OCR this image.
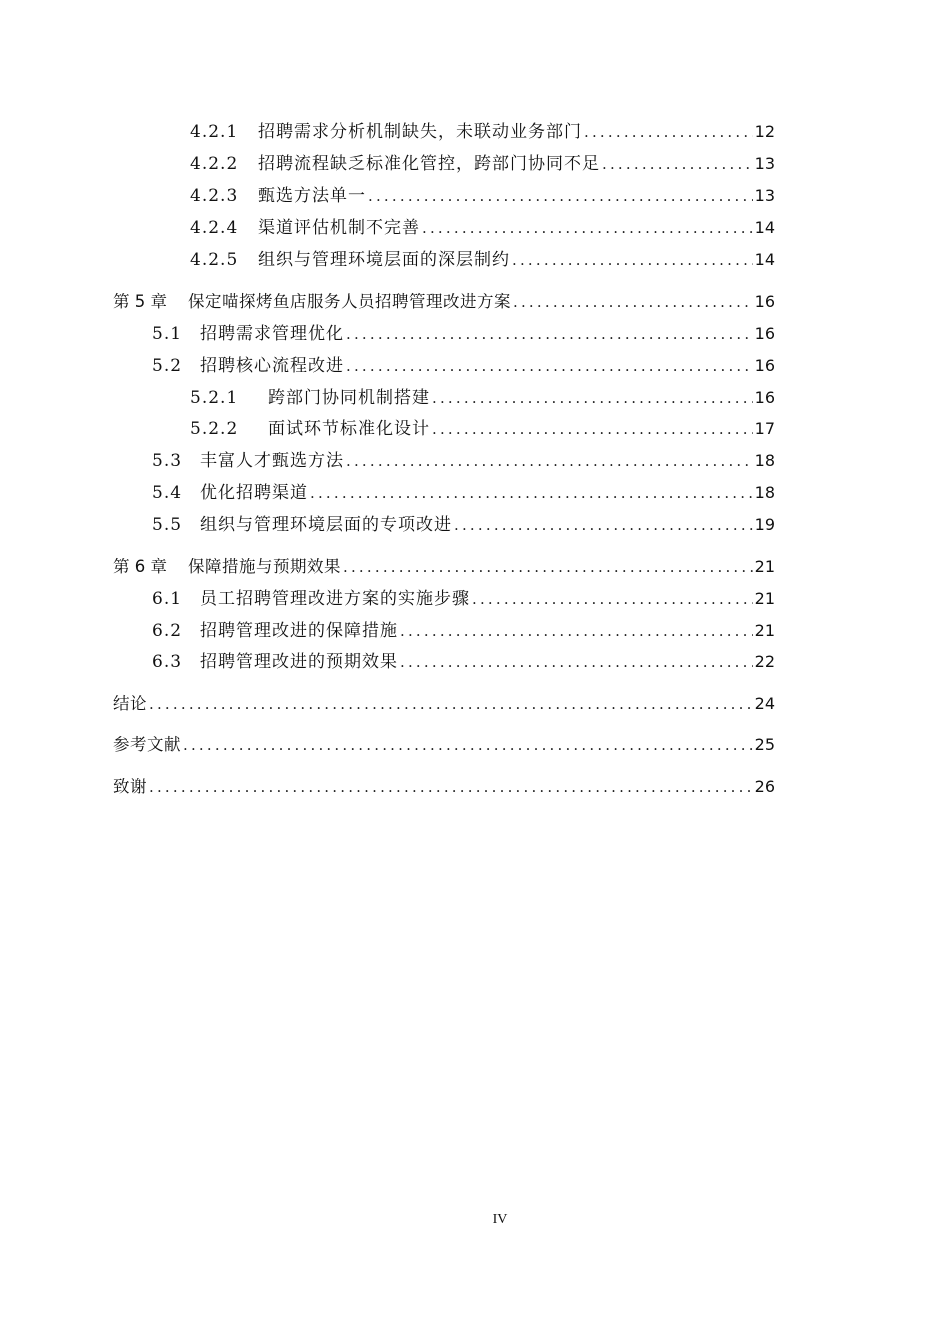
4.2.1	招聘需求分析机制缺失，未联动业务部门 .....	12
4.2.2	招聘流程缺乏标准化管控，跨部门协同不足 .....	13
4.2.3	甄选方法单一 .....	13
4.2.4	渠道评估机制不完善 .....	14
4.2.5	组织与管理环境层面的深层制约 .....	14
第 5 章	保定喵探烤鱼店服务人员招聘管理改进方案 .....	16
5.1	招聘需求管理优化 .....	16
5.2	招聘核心流程改进 .....	16
5.2.1	跨部门协同机制搭建 .....	16
5.2.2	面试环节标准化设计 .....	17
5.3	丰富人才甄选方法 .....	18
5.4	优化招聘渠道 .....	18
5.5	组织与管理环境层面的专项改进 .....	19
第 6 章	保障措施与预期效果 .....	21
6.1	员工招聘管理改进方案的实施步骤 .....	21
6.2	招聘管理改进的保障措施 .....	21
6.3	招聘管理改进的预期效果 .....	22
结论 .....	24
参考文献 .....	25
致谢 .....	26
IV
